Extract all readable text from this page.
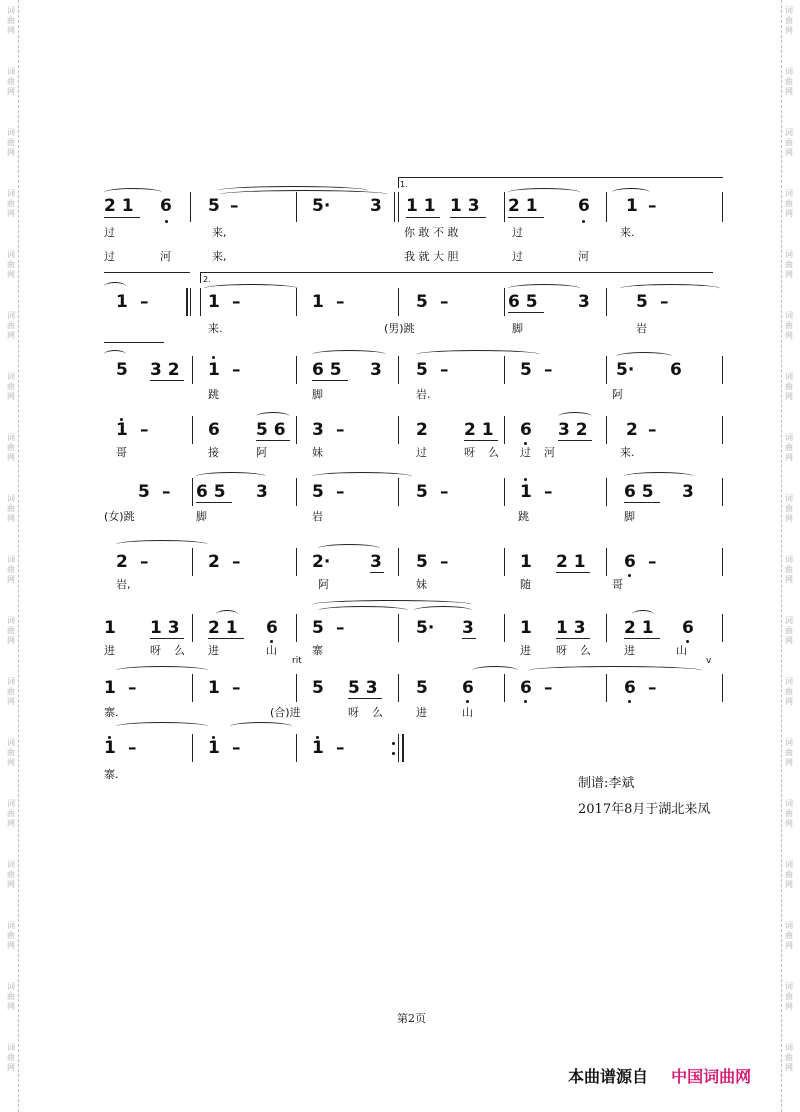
词
曲
网
词
曲
网
词
曲
网
词
曲
网
词
曲
网
词
曲
网
词
曲
网
词
曲
网
词
曲
网
词
曲
网
词
曲
网
词
曲
网
词
曲
网
词
曲
网
词
曲
网
词
曲
网
词
曲
网
词
曲
网
词
曲
网
词
曲
网
词
曲
网
词
曲
网
词
曲
网
词
曲
网
词
曲
网
词
曲
网
词
曲
网
词
曲
网
词
曲
网
词
曲
网
词
曲
网
词
曲
网
词
曲
网
词
曲
网
词
曲
网
词
曲
网
1.
2 1 6 5 –	5· 3 1 1 1 3 2 1 6 1 –
过	来,	你 敢 不 敢	过	来.
过	河	来,	我 就 大 胆	过	河
2.
1 –	1 –	1 –	5 –	6 5 3	5 –
来.	(男)跳	脚	岩
5 3 2 1 –	6 5 3 5 –	5 –	5· 6
跳	脚	岩.	阿
1 –	6 5 6 3 –	2 2 1 6 3 2 2 –
哥	接	阿	妹	过	呀 么 过 河	来.
5 – 6 5 3	5 –	5 –	1 –	6 5 3
(女)跳	脚	岩	跳	脚
2 –	2 –	2· 3 5 –	1 2 1 6 –
岩,	阿	妹	随	哥
1 1 3 2 1 6 5 –	5· 3	1 1 3 2 1 6
进	呀 么 进	山	寨	进 呀 么	进	山
rit	v
1 –	1 –	5 5 3 5 6	6 –	6 –
寨.	(合)进	呀 么	进	山
1 –	1 –	1 –
寨.
制谱:李斌
2017年8月于湖北来凤
第2页
本曲谱源自 中国词曲网
